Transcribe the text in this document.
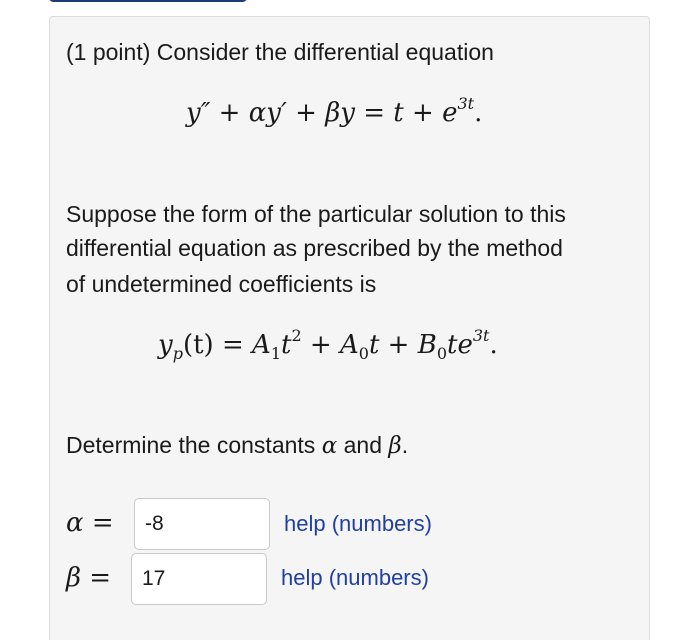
(1 point) Consider the differential equation
$y'' + \alpha y' + \beta y = t + e^{3t}$.
Suppose the form of the particular solution to this
differential equation as prescribed by the method
of undetermined coefficients is
$y_p(t) = A_1t^2 + A_0t + B_0te^{3t}$.
Determine the constants α and β.
α =
-8	help (numbers)
β =
17	help (numbers)
